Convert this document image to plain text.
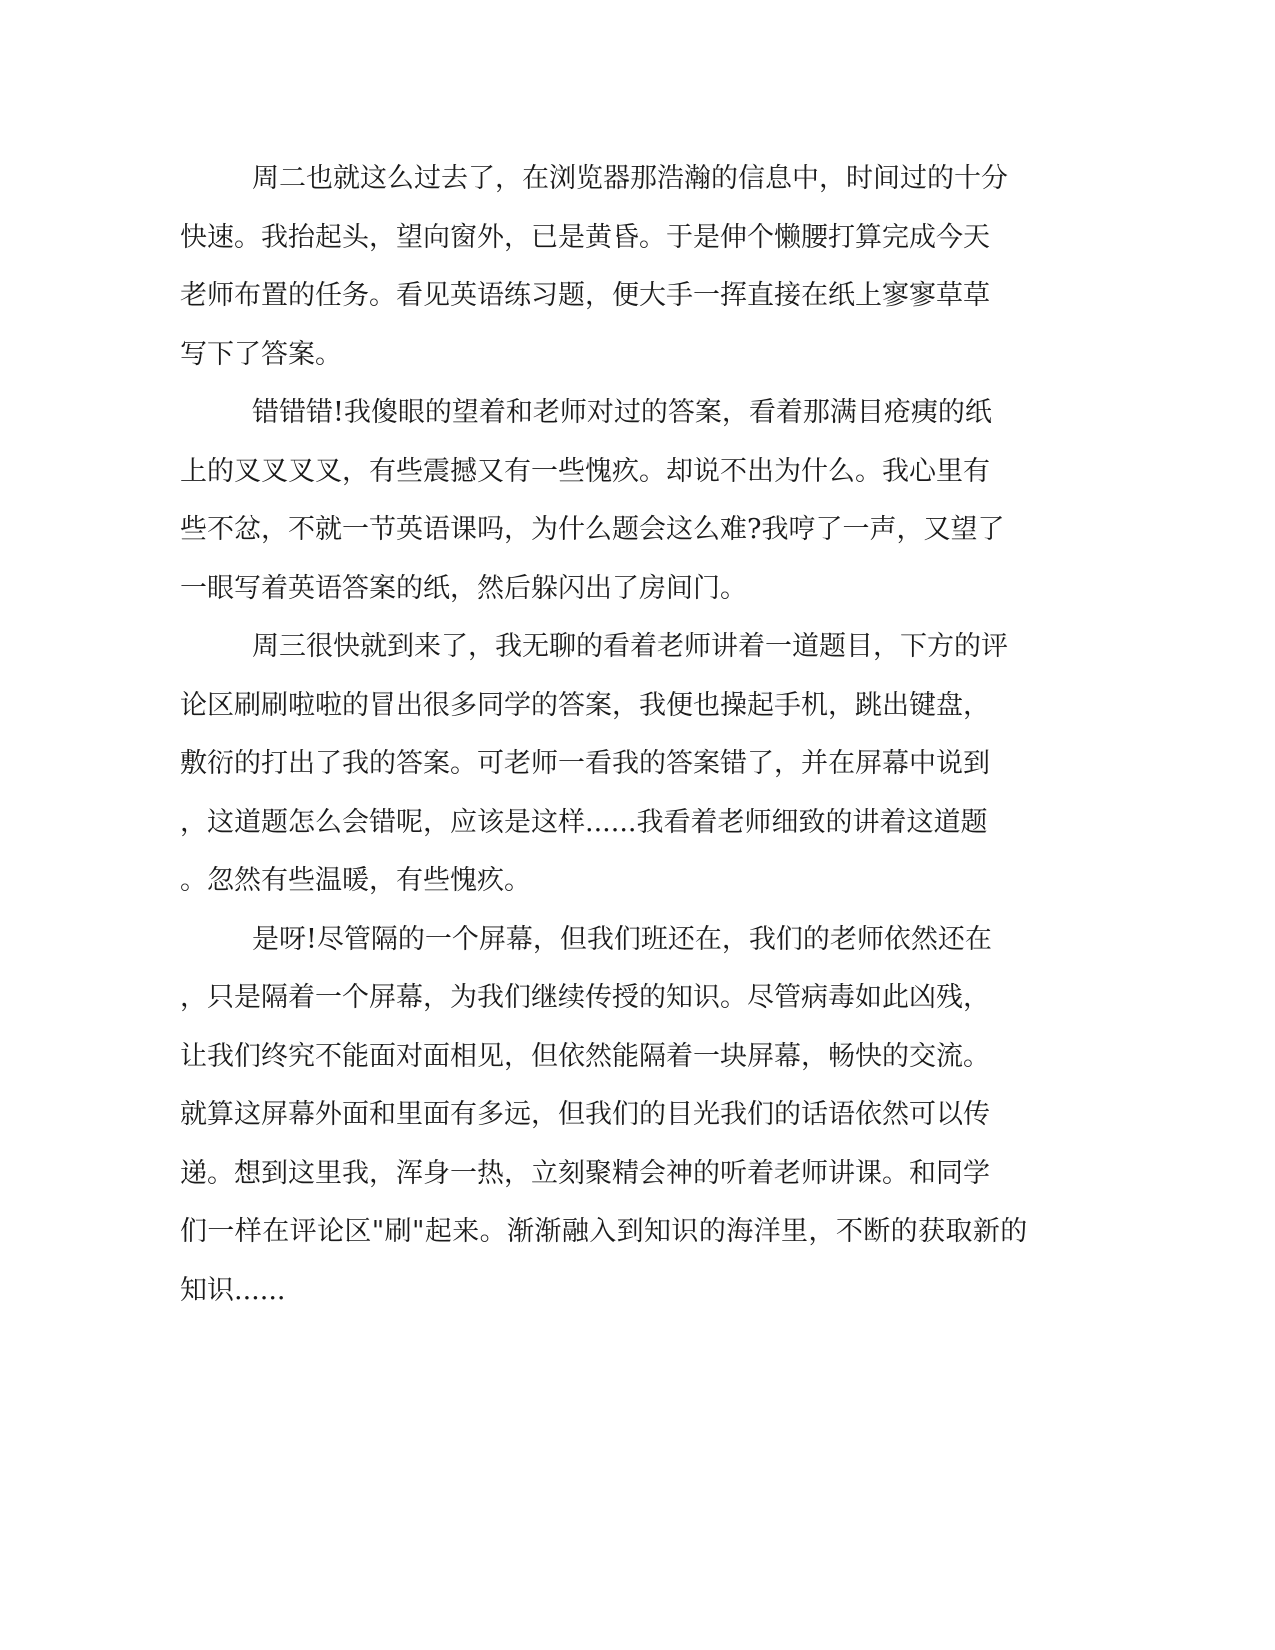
周二也就这么过去了，在浏览器那浩瀚的信息中，时间过的十分
快速。我抬起头，望向窗外，已是黄昏。于是伸个懒腰打算完成今天
老师布置的任务。看见英语练习题，便大手一挥直接在纸上寥寥草草
写下了答案。
错错错!我傻眼的望着和老师对过的答案，看着那满目疮痍的纸
上的叉叉叉叉，有些震撼又有一些愧疚。却说不出为什么。我心里有
些不忿，不就一节英语课吗，为什么题会这么难?我哼了一声，又望了
一眼写着英语答案的纸，然后躲闪出了房间门。
周三很快就到来了，我无聊的看着老师讲着一道题目，下方的评
论区刷刷啦啦的冒出很多同学的答案，我便也操起手机，跳出键盘，
敷衍的打出了我的答案。可老师一看我的答案错了，并在屏幕中说到
，这道题怎么会错呢，应该是这样......我看着老师细致的讲着这道题
。忽然有些温暖，有些愧疚。
是呀!尽管隔的一个屏幕，但我们班还在，我们的老师依然还在
，只是隔着一个屏幕，为我们继续传授的知识。尽管病毒如此凶残，
让我们终究不能面对面相见，但依然能隔着一块屏幕，畅快的交流。
就算这屏幕外面和里面有多远，但我们的目光我们的话语依然可以传
递。想到这里我，浑身一热，立刻聚精会神的听着老师讲课。和同学
们一样在评论区"刷"起来。渐渐融入到知识的海洋里，不断的获取新的
知识......
